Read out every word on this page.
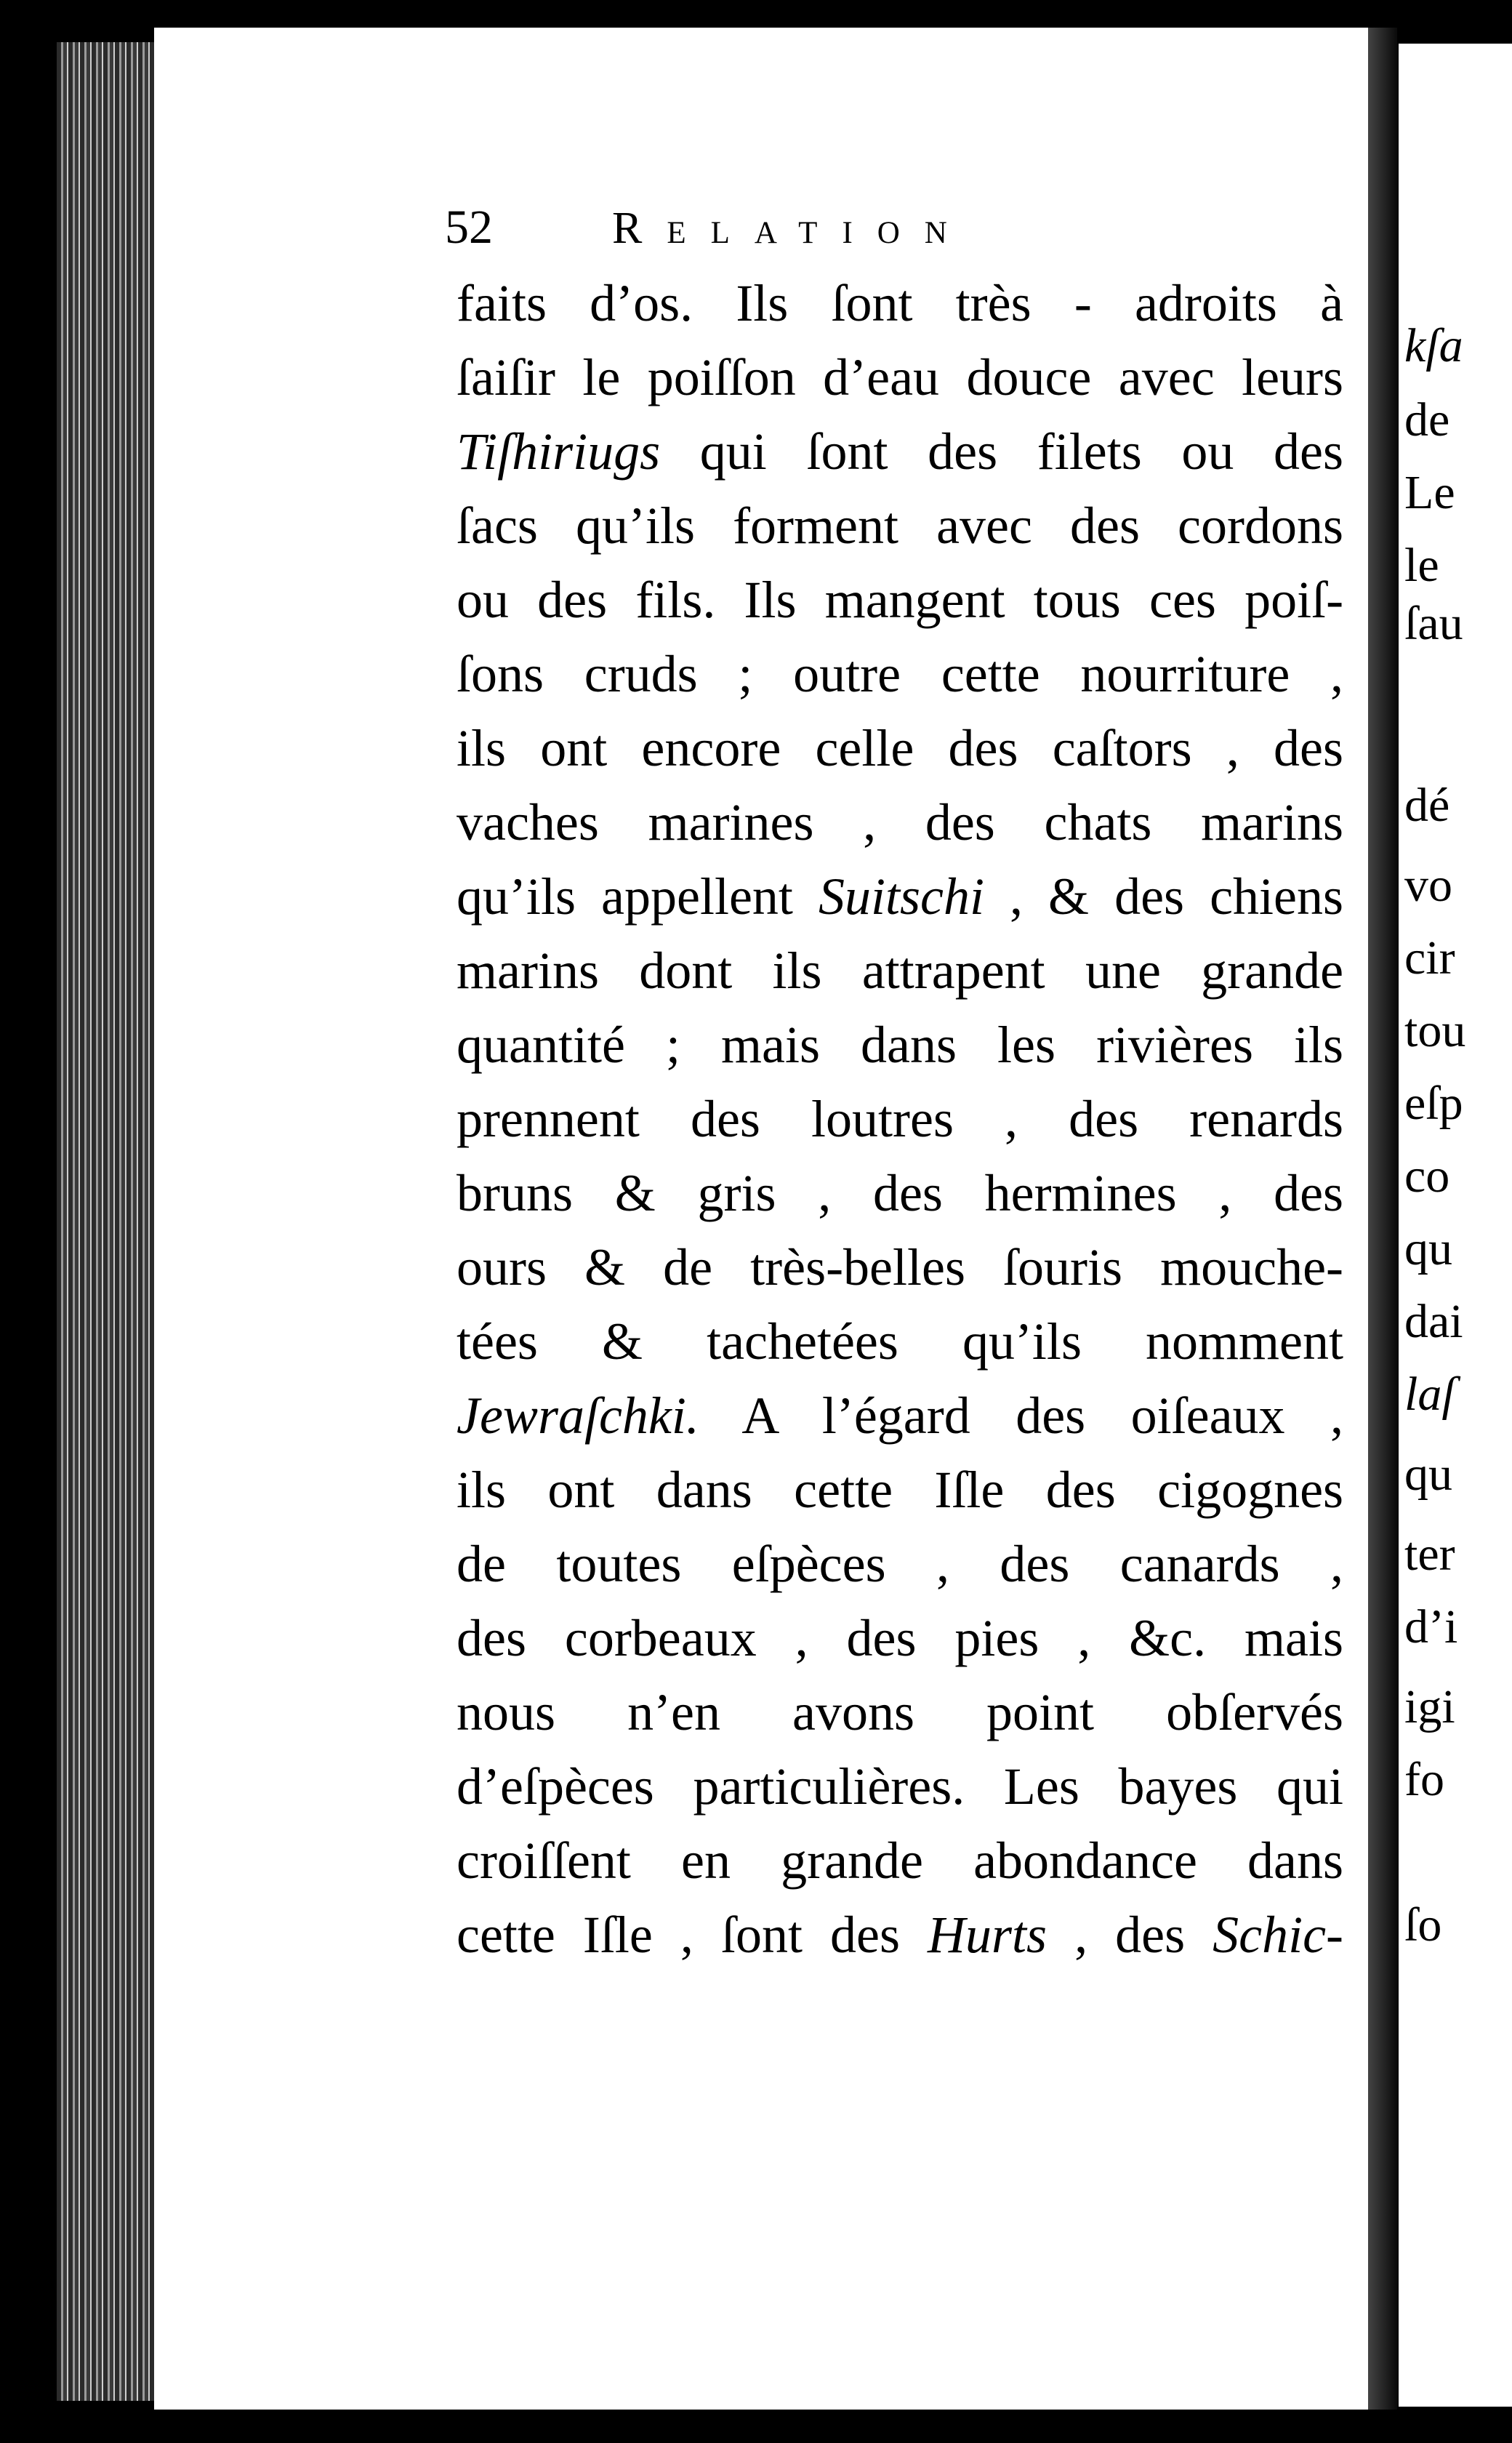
kſa
de
Le
le
ſau
dé
vo
cir
tou
eſp
co
qu
dai
laſ
qu
ter
d’i
igi
fo
ſo
52	Relation
faits d’os. Ils ſont très - adroits à
ſaiſir le poiſſon d’eau douce avec leurs
Tiſhiriugs qui ſont des filets ou des
ſacs qu’ils forment avec des cordons
ou des fils. Ils mangent tous ces poiſ-
ſons cruds ; outre cette nourriture ,
ils ont encore celle des caſtors , des
vaches marines , des chats marins
qu’ils appellent Suitschi , & des chiens
marins dont ils attrapent une grande
quantité ; mais dans les rivières ils
prennent des loutres , des renards
bruns & gris , des hermines , des
ours & de très-belles ſouris mouche-
tées & tachetées qu’ils nomment
Jewraſchki. A l’égard des oiſeaux ,
ils ont dans cette Iſle des cigognes
de toutes eſpèces , des canards ,
des corbeaux , des pies , &c. mais
nous n’en avons point obſervés
d’eſpèces particulières. Les bayes qui
croiſſent en grande abondance dans
cette Iſle , ſont des Hurts , des Schic-
